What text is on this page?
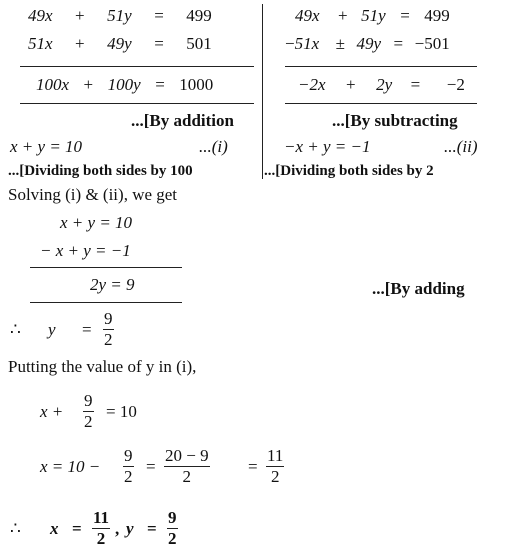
49x + 51y = 499
51x + 49y = 501
100x + 100y = 1000
...[By addition
x + y = 10	...(i)
...[Dividing both sides by 100
49x + 51y = 499
−51x ± 49y = −501
−2x + 2y = −2
...[By subtracting
−x + y = −1	...(ii)
...[Dividing both sides by 2
Solving (i) & (ii), we get
x + y = 10
− x + y = −1
2y = 9	...[By adding
∴ y =
9
2
Putting the value of y in (i),
x +
9
2
= 10
x = 10 −
9
2
=
20 − 9
2
=
11
2
∴ x =
11
2
, y =
9
2
